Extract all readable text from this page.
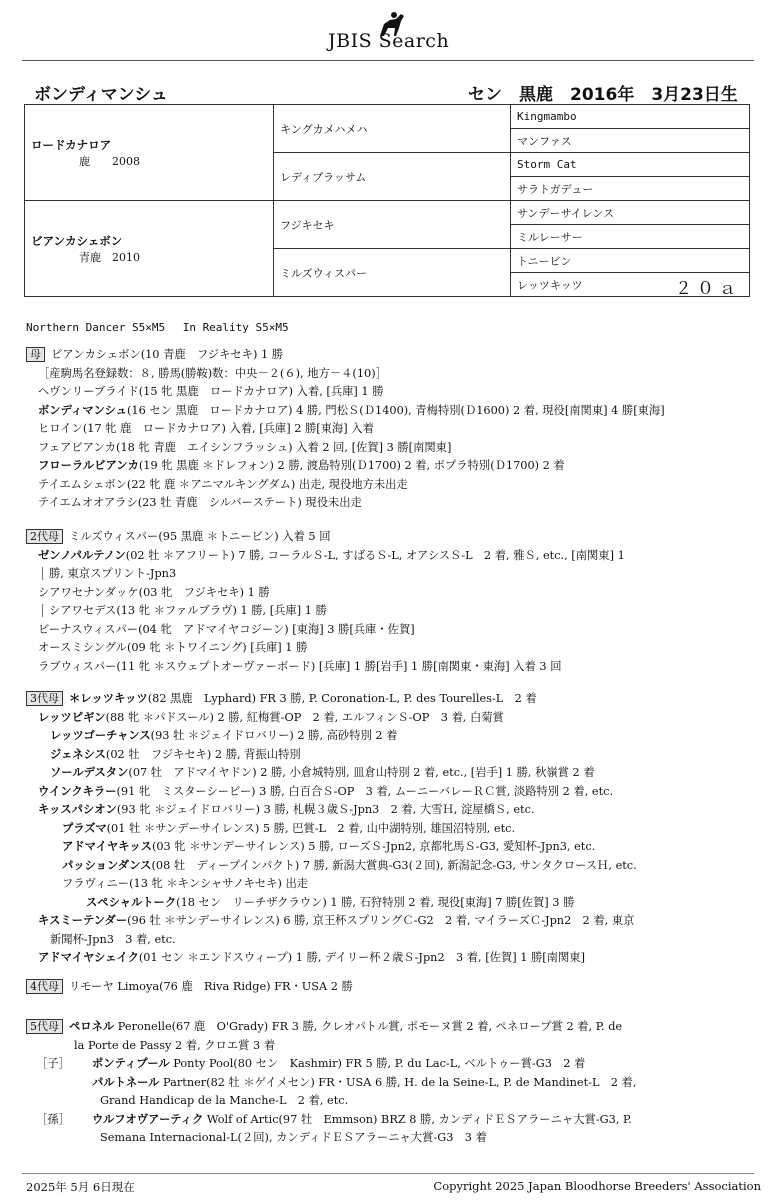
JBIS Search
ボンディマンシュ	セン　黒鹿　2016年　3月23日生
ロードカナロア
鹿　　2008	キングカメハメハ	Kingmambo
		マンファス
	レディブラッサム	Storm Cat
		サラトガデュー

ビアンカシェボン
青鹿　2010	フジキセキ	サンデーサイレンス
		ミルレーサー
	ミルズウィスパー	トニービン
		レッツキッツ ２０ａ
Northern Dancer S5×M5　 In Reality S5×M5
母 ビアンカシェボン(10 青鹿　フジキセキ) 1 勝
［産駒馬名登録数：８, 勝馬(勝鞍)数：中央－２(６), 地方－４(10)］
ヘヴンリーブライド(15 牝 黒鹿　ロードカナロア) 入着, [兵庫] 1 勝
ボンディマンシュ(16 セン 黒鹿　ロードカナロア) 4 勝, 門松Ｓ(Ｄ1400), 青梅特別(Ｄ1600) 2 着, 現役[南関東] 4 勝[東海]
ヒロイン(17 牝 鹿　ロードカナロア) 入着, [兵庫] 2 勝[東海] 入着
フェアビアンカ(18 牝 青鹿　エイシンフラッシュ) 入着 2 回, [佐賀] 3 勝[南関東]
フローラルビアンカ(19 牝 黒鹿 ＊ドレフォン) 2 勝, 渡島特別(Ｄ1700) 2 着, ポプラ特別(Ｄ1700) 2 着
テイエムシェボン(22 牝 鹿 ＊アニマルキングダム) 出走, 現役地方未出走
テイエムオオアラシ(23 牡 青鹿　シルバーステート) 現役未出走
2代母 ミルズウィスパー(95 黒鹿 ＊トニービン) 入着 5 回
ゼンノパルテノン(02 牡 ＊アフリート) 7 勝, コーラルＳ-L, すばるＳ-L, オアシスＳ-L　2 着, 雅Ｓ, etc., [南関東] 1
勝, 東京スプリント-Jpn3
シアワセナンダッケ(03 牝　フジキセキ) 1 勝
シアワセデス(13 牝 ＊ファルブラヴ) 1 勝, [兵庫] 1 勝
ビーナスウィスパー(04 牝　アドマイヤコジーン) [東海] 3 勝[兵庫・佐賀]
オースミシングル(09 牝 ＊トワイニング) [兵庫] 1 勝
ラブウィスパー(11 牝 ＊スウェプトオーヴァーボード) [兵庫] 1 勝[岩手] 1 勝[南関東・東海] 入着 3 回
3代母 ＊レッツキッツ(82 黒鹿　Lyphard) FR 3 勝, P. Coronation-L, P. des Tourelles-L　2 着
レッツピギン(88 牝 ＊パドスール) 2 勝, 紅梅賞-OP　2 着, エルフィンＳ-OP　3 着, 白菊賞
レッツゴーチャンス(93 牡 ＊ジェイドロバリー) 2 勝, 高砂特別 2 着
ジェネシス(02 牡　フジキセキ) 2 勝, 背振山特別
ソールデスタン(07 牡　アドマイヤドン) 2 勝, 小倉城特別, 皿倉山特別 2 着, etc., [岩手] 1 勝, 秋嶺賞 2 着
ウインクキラー(91 牝　ミスターシービー) 3 勝, 白百合Ｓ-OP　3 着, ムーニーバレーＲＣ賞, 淡路特別 2 着, etc.
キッスパシオン(93 牝 ＊ジェイドロバリー) 3 勝, 札幌３歳Ｓ-Jpn3　2 着, 大雪Ｈ, 淀屋橋Ｓ, etc.
プラズマ(01 牡 ＊サンデーサイレンス) 5 勝, 巴賞-L　2 着, 山中湖特別, 雄国沼特別, etc.
アドマイヤキッス(03 牝 ＊サンデーサイレンス) 5 勝, ローズＳ-Jpn2, 京都牝馬Ｓ-G3, 愛知杯-Jpn3, etc.
パッションダンス(08 牡　ディープインパクト) 7 勝, 新潟大賞典-G3(２回), 新潟記念-G3, サンタクロースＨ, etc.
フラヴィニー(13 牝 ＊キンシャサノキセキ) 出走
スペシャルトーク(18 セン　リーチザクラウン) 1 勝, 石狩特別 2 着, 現役[東海] 7 勝[佐賀] 3 勝
キスミーテンダー(96 牡 ＊サンデーサイレンス) 6 勝, 京王杯スプリングＣ-G2　2 着, マイラーズＣ-Jpn2　2 着, 東京
新聞杯-Jpn3　3 着, etc.
アドマイヤシェイク(01 セン ＊エンドスウィープ) 1 勝, デイリー杯２歳Ｓ-Jpn2　3 着, [佐賀] 1 勝[南関東]
4代母 リモーヤ Limoya(76 鹿　Riva Ridge) FR・USA 2 勝
5代母 ペロネル Peronelle(67 鹿　O'Grady) FR 3 勝, クレオパトル賞, ポモーヌ賞 2 着, ペネロープ賞 2 着, P. de
la Porte de Passy 2 着, クロエ賞 3 着
［子］ ポンティプール Ponty Pool(80 セン　Kashmir) FR 5 勝, P. du Lac-L, ベルトゥー賞-G3　2 着
パルトネール Partner(82 牡 ＊ゲイメセン) FR・USA 6 勝, H. de la Seine-L, P. de Mandinet-L　2 着,
Grand Handicap de la Manche-L　2 着, etc.
［孫］ ウルフオヴアーティク Wolf of Artic(97 牡　Emmson) BRZ 8 勝, カンディドＥＳアラーニャ大賞-G3, P.
Semana Internacional-L(２回), カンディドＥＳアラーニャ大賞-G3　3 着
2025年 5月 6日現在	Copyright 2025 Japan Bloodhorse Breeders' Association
